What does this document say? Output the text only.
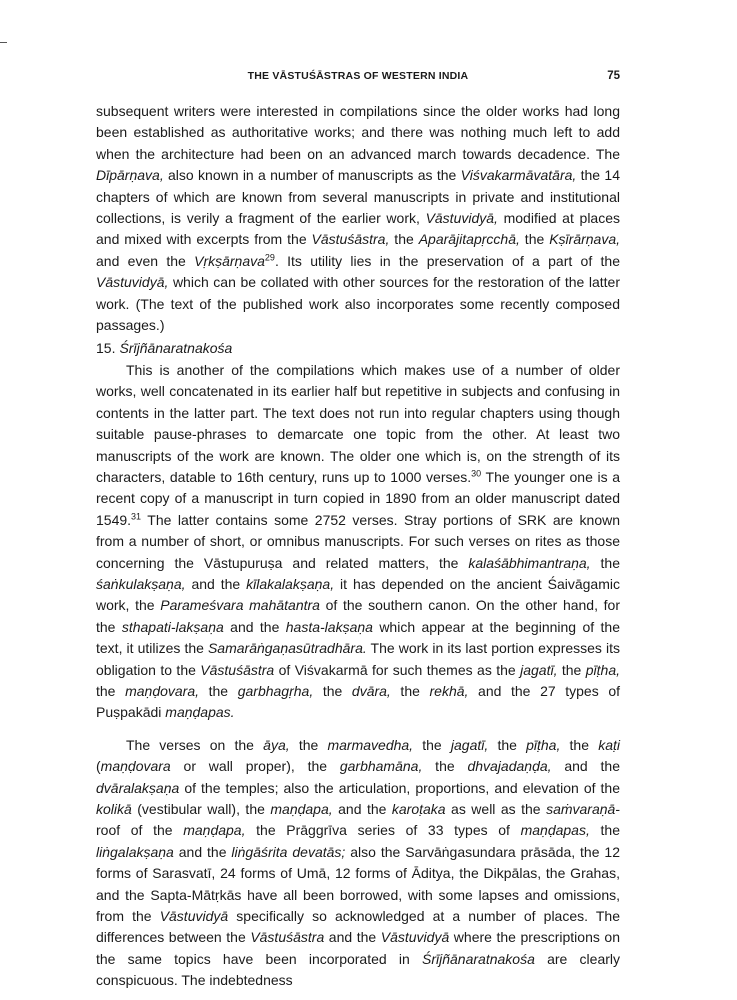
THE VĀSTUŚĀSTRAS OF WESTERN INDIA	75

subsequent writers were interested in compilations since the older works had long been established as authoritative works; and there was nothing much left to add when the architecture had been on an advanced march towards decadence. The Dīpārṇava, also known in a number of manuscripts as the Viśvakarmāvatāra, the 14 chapters of which are known from several manuscripts in private and institutional collections, is verily a fragment of the earlier work, Vāstuvidyā, modified at places and mixed with excerpts from the Vāstuśāstra, the Aparājitapṛcchā, the Kṣīrārṇava, and even the Vṛkṣārṇava$^{29}$. Its utility lies in the preservation of a part of the Vāstuvidyā, which can be collated with other sources for the restoration of the latter work. (The text of the published work also incorporates some recently composed passages.)

15. Śrījñānaratnakośa

This is another of the compilations which makes use of a number of older works, well concatenated in its earlier half but repetitive in subjects and confusing in contents in the latter part. The text does not run into regular chapters using though suitable pause-phrases to demarcate one topic from the other. At least two manuscripts of the work are known. The older one which is, on the strength of its characters, datable to 16th century, runs up to 1000 verses.$^{30}$ The younger one is a recent copy of a manuscript in turn copied in 1890 from an older manuscript dated 1549.31 The latter contains some 2752 verses. Stray portions of SRK are known from a number of short, or omnibus manuscripts. For such verses on rites as those concerning the Vāstupuruṣa and related matters, the kalaśābhimantraṇa, the śaṅkulakṣaṇa, and the kīlakalakṣaṇa, it has depended on the ancient Śaivāgamic work, the Parameśvara mahātantra of the southern canon. On the other hand, for the sthapati-lakṣaṇa and the hasta-lakṣaṇa which appear at the beginning of the text, it utilizes the Samarāṅgaṇasūtradhāra. The work in its last portion expresses its obligation to the Vāstuśāstra of Viśvakarmā for such themes as the jagatī, the pīṭha, the maṇḍovara, the garbhagṛha, the dvāra, the rekhā, and the 27 types of Puṣpakādi maṇḍapas.

The verses on the āya, the marmavedha, the jagatī, the pīṭha, the kaṭi (maṇḍovara or wall proper), the garbhamāna, the dhvajadaṇḍa, and the dvāralakṣaṇa of the temples; also the articulation, proportions, and elevation of the kolikā (vestibular wall), the maṇḍapa, and the karoṭaka as well as the saṁvaraṇā-roof of the maṇḍapa, the Prāggrīva series of 33 types of maṇḍapas, the liṅgalakṣaṇa and the liṅgāśrita devatās; also the Sarvāṅgasundara prāsāda, the 12 forms of Sarasvatī, 24 forms of Umā, 12 forms of Āditya, the Dikpālas, the Grahas, and the Sapta-Mātṛkās have all been borrowed, with some lapses and omissions, from the Vāstuvidyā specifically so acknowledged at a number of places. The differences between the Vāstuśāstra and the Vāstuvidyā where the prescriptions on the same topics have been incorporated in Śrījñānaratnakośa are clearly conspicuous. The indebtedness
